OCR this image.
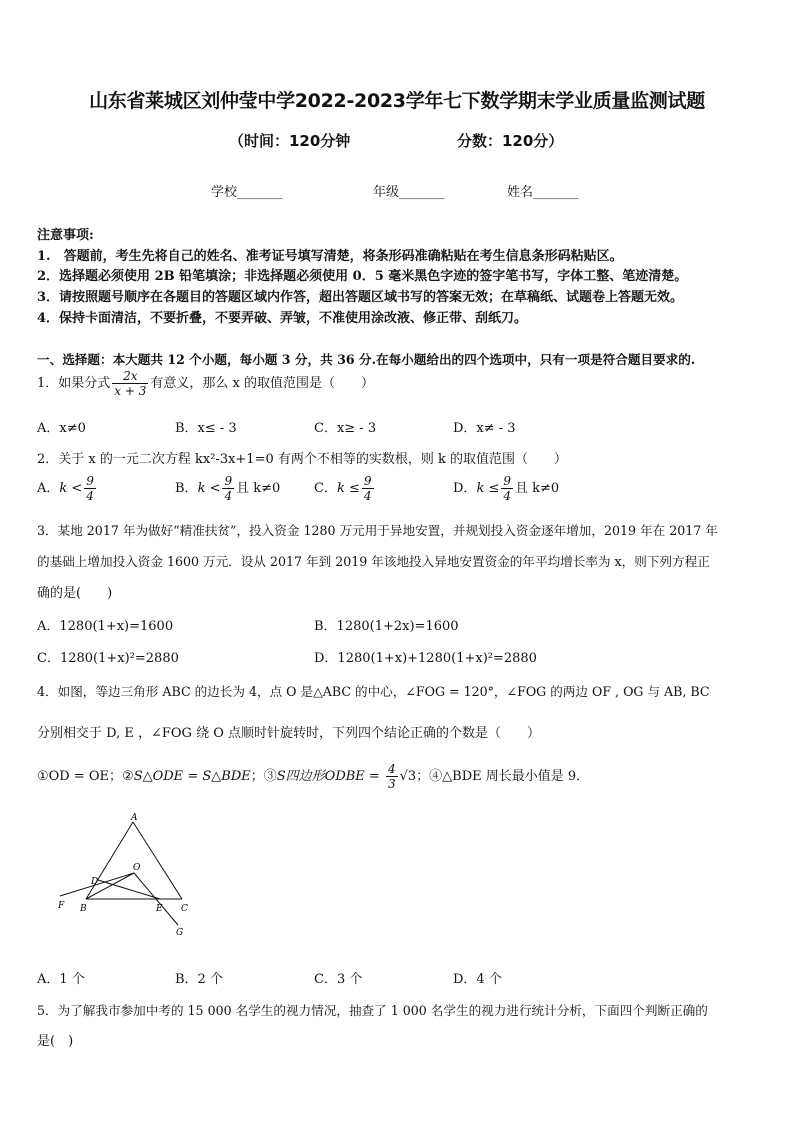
山东省莱城区刘仲莹中学2022-2023学年七下数学期末学业质量监测试题
（时间：120分钟	分数：120分）
学校_______	年级_______	姓名_______
注意事项:
1.　答题前，考生先将自己的姓名、准考证号填写清楚，将条形码准确粘贴在考生信息条形码粘贴区。
2．选择题必须使用 2B 铅笔填涂；非选择题必须使用 0．5 毫米黑色字迹的签字笔书写，字体工整、笔迹清楚。
3．请按照题号顺序在各题目的答题区域内作答，超出答题区域书写的答案无效；在草稿纸、试题卷上答题无效。
4．保持卡面清洁，不要折叠，不要弄破、弄皱，不准使用涂改液、修正带、刮纸刀。
一、选择题：本大题共 12 个小题，每小题 3 分，共 36 分.在每小题给出的四个选项中，只有一项是符合题目要求的.
1．如果分式 $\frac{2x}{x + 3}$ 有意义，那么 x 的取值范围是（　　）
A．x≠0	B．x≤ - 3	C．x≥ - 3	D．x≠ - 3
2．关于 x 的一元二次方程 kx²-3x+1=0 有两个不相等的实数根，则 k 的取值范围（　　）
A．$k < \frac{9}{4}$	B．$k < \frac{9}{4}$ 且 k≠0	C．$k \le \frac{9}{4}$	D．$k \le \frac{9}{4}$ 且 k≠0
3．某地 2017 年为做好“精准扶贫”，投入资金 1280 万元用于异地安置，并规划投入资金逐年增加，2019 年在 2017 年
的基础上增加投入资金 1600 万元．设从 2017 年到 2019 年该地投入异地安置资金的年平均增长率为 x，则下列方程正
确的是(　　)
A．1280(1+x)=1600	B．1280(1+2x)=1600
C．1280(1+x)²=2880	D．1280(1+x)+1280(1+x)²=2880
4．如图，等边三角形 ABC 的边长为 4，点 O 是△ABC 的中心，∠FOG = 120°，∠FOG 的两边 OF , OG 与 AB, BC
分别相交于 D, E ，∠FOG 绕 O 点顺时针旋转时，下列四个结论正确的个数是（　　）
①OD = OE；②S△ODE = S△BDE；③S四边形ODBE = $\frac{4}{3} √3$；④△BDE 周长最小值是 9．
A
O
D
F B	E C
G
A．1 个	B．2 个	C．3 个	D．4 个
5．为了解我市参加中考的 15 000 名学生的视力情况，抽查了 1 000 名学生的视力进行统计分析，下面四个判断正确的
是(　)
